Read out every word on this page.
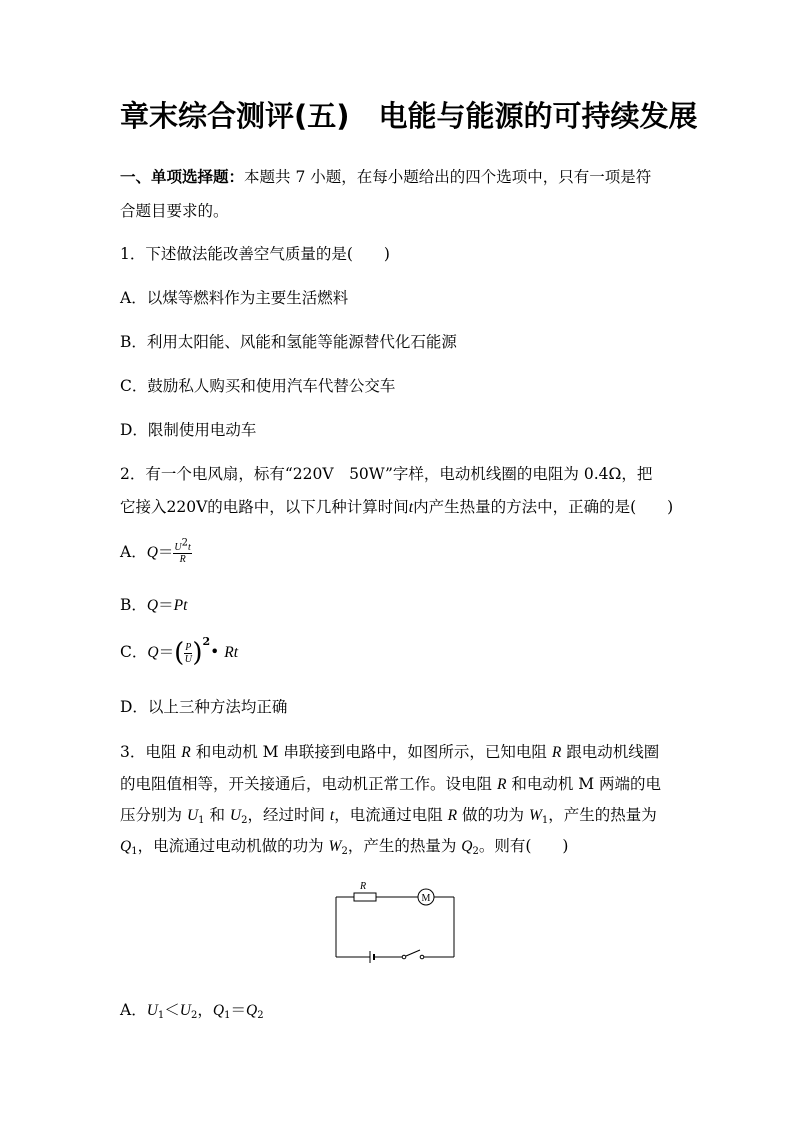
章末综合测评(五)　电能与能源的可持续发展
一、单项选择题：本题共 7 小题，在每小题给出的四个选项中，只有一项是符
合题目要求的。
1．下述做法能改善空气质量的是(　　)
A．以煤等燃料作为主要生活燃料
B．利用太阳能、风能和氢能等能源替代化石能源
C．鼓励私人购买和使用汽车代替公交车
D．限制使用电动车
2．有一个电风扇，标有“220V　50W”字样，电动机线圈的电阻为 0.4Ω，把
它接入220V的电路中，以下几种计算时间t内产生热量的方法中，正确的是(　　)
A．$Q= \frac{U^2t}{R}$
B．Q＝Pt
C．$Q=( \frac{P}{U}$ )$^2•$ Rt
D．以上三种方法均正确
3．电阻 R 和电动机 M 串联接到电路中，如图所示，已知电阻 R 跟电动机线圈
的电阻值相等，开关接通后，电动机正常工作。设电阻 R 和电动机 M 两端的电
压分别为 $U_1$ 和 $U_2$，经过时间 t，电流通过电阻 R 做的功为 $W_1$，产生的热量为
$Q_1$，电流通过电动机做的功为 $W_2$，产生的热量为 $Q_2$。则有(　　)
R
M
A．$U_1<U_2$，$Q_1=Q_2$
